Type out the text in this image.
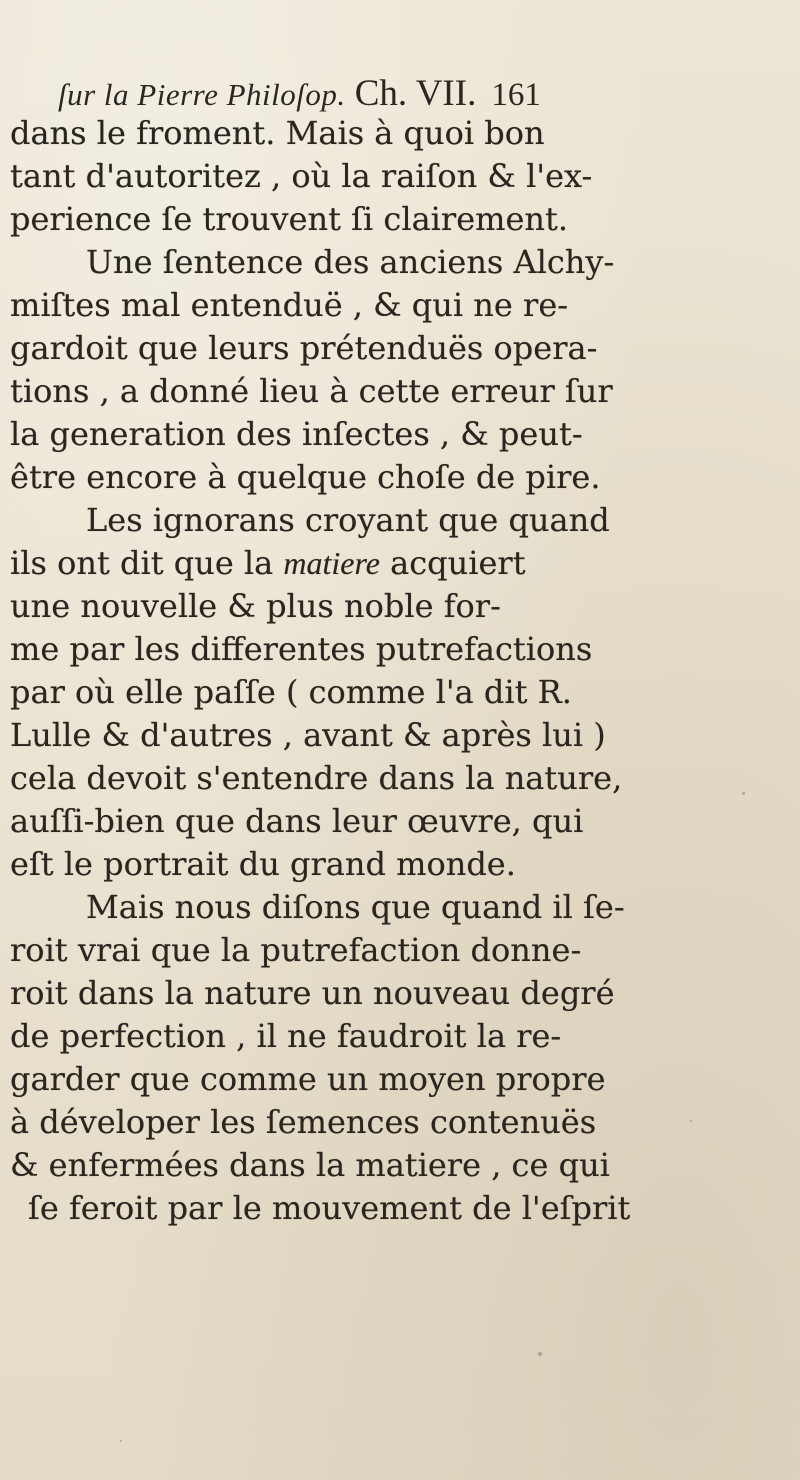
ſur la Pierre Philoſop. Ch. VII. 161
dans le froment. Mais à quoi bon
tant d'autoritez , où la raiſon & l'ex-
perience ſe trouvent ſi clairement.
Une ſentence des anciens Alchy-
miſtes mal entenduë , & qui ne re-
gardoit que leurs prétenduës opera-
tions , a donné lieu à cette erreur ſur
la generation des inſectes , & peut-
être encore à quelque choſe de pire.
Les ignorans croyant que quand
ils ont dit que la matiere acquiert
une nouvelle & plus noble for-
me par les differentes putrefactions
par où elle paſſe ( comme l'a dit R.
Lulle & d'autres , avant & après lui )
cela devoit s'entendre dans la nature,
auſſi-bien que dans leur œuvre, qui
eſt le portrait du grand monde.
Mais nous diſons que quand il ſe-
roit vrai que la putrefaction donne-
roit dans la nature un nouveau degré
de perfection , il ne faudroit la re-
garder que comme un moyen propre
à déveloper les ſemences contenuës
& enfermées dans la matiere , ce qui
ſe feroit par le mouvement de l'eſprit
